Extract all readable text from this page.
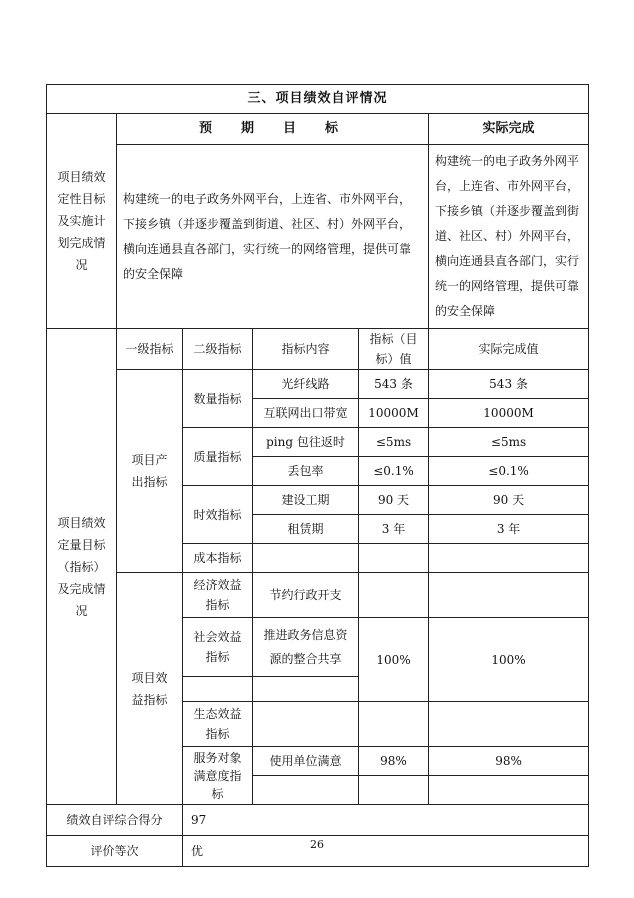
三、项目绩效自评情况					
项目绩效定性目标及实施计划完成情况	预　期　目　标				实际完成
	构建统一的电子政务外网平台，上连省、市外网平台，下接乡镇（并逐步覆盖到街道、社区、村）外网平台，横向连通县直各部门，实行统一的网络管理，提供可靠的安全保障				构建统一的电子政务外网平台，上连省、市外网平台，下接乡镇（并逐步覆盖到街道、社区、村）外网平台，横向连通县直各部门，实行统一的网络管理，提供可靠的安全保障
项目绩效定量目标（指标）及完成情况	一级指标	二级指标	指标内容	指标（目标）值	实际完成值
	项目产出指标	数量指标	光纤线路	543 条	543 条
			互联网出口带宽	10000M	10000M
		质量指标	ping 包往返时	≤5ms	≤5ms
			丢包率	≤0.1%	≤0.1%
		时效指标	建设工期	90 天	90 天
			租赁期	3 年	3 年
		成本指标			
	项目效益指标	经济效益指标	节约行政开支		
		社会效益指标	推进政务信息资源的整合共享	100%	100%

		生态效益指标			
		服务对象满意度指标	使用单位满意	98%	98%

绩效自评综合得分		97			
评价等次		优				26
